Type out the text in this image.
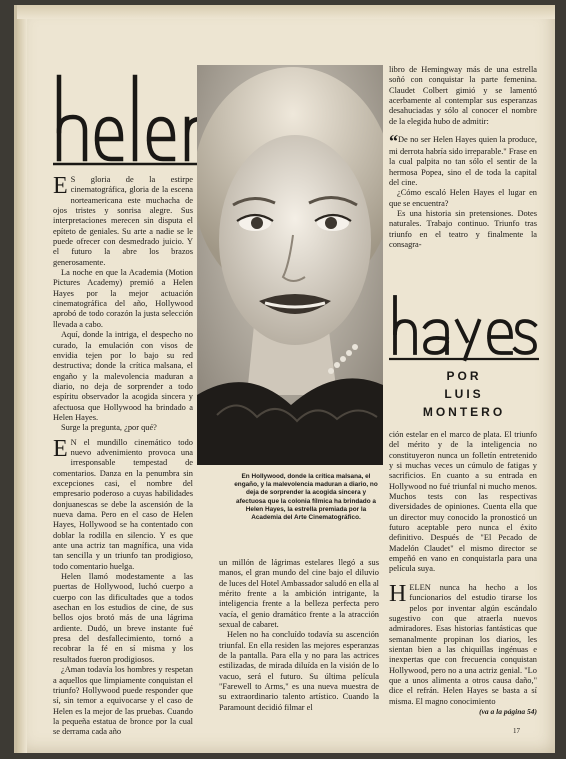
E S gloria de la estirpe cinematográfica, gloria de la escena norteamericana este muchacha de ojos tristes y sonrisa alegre. Sus interpretaciones merecen sin disputa el epíteto de geniales. Su arte a nadie se le puede ofrecer con desmedrado juicio. Y el futuro la abre los brazos generosamente.

La noche en que la Academia (Motion Pictures Academy) premió a Helen Hayes por la mejor actuación cinematográfica del año, Hollywood aprobó de todo corazón la justa selección llevada a cabo.

Aquí, donde la intriga, el despecho no curado, la emulación con visos de envidia tejen por lo bajo su red destructiva; donde la crítica malsana, el engaño y la malevolencia maduran a diario, no deja de sorprender a todo espíritu observador la acogida sincera y afectuosa que Hollywood ha brindado a Helen Hayes.

Surge la pregunta, ¿por qué?

E N el mundillo cinemático todo nuevo advenimiento provoca una irresponsable tempestad de comentarios. Danza en la penumbra sin excepciones casi, el nombre del empresario poderoso a cuyas habilidades donjuanescas se debe la ascensión de la nueva dama. Pero en el caso de Helen Hayes, Hollywood se ha contentado con doblar la rodilla en silencio. Y es que ante una actriz tan magnífica, una vida tan sencilla y un triunfo tan prodigioso, todo comentario huelga.

Helen llamó modestamente a las puertas de Hollywood, luchó cuerpo a cuerpo con las dificultades que a todos asechan en los estudios de cine, de sus bellos ojos brotó más de una lágrima ardiente. Dudó, un breve instante fué presa del desfallecimiento, tornó a recobrar la fé en sí misma y los resultados fueron prodigiosos.

¿Aman todavía los hombres y respetan a aquellos que limpiamente conquistan el triunfo? Hollywood puede responder que sí, sin temor a equivocarse y el caso de Helen es la mejor de las pruebas. Cuando la pequeña estatua de bronce por la cual se derrama cada año

En Hollywood, donde la crítica malsana, el engaño, y la malevolencia maduran a diario, no deja de sorprender la acogida sincera y afectuosa que la colonia fílmica ha brindado a Helen Hayes, la estrella premiada por la Academia del Arte Cinematográfico.

un millón de lágrimas estelares llegó a sus manos, el gran mundo del cine bajo el diluvio de luces del Hotel Ambassador saludó en ella al mérito frente a la ambición intrigante, la inteligencia frente a la belleza perfecta pero vacía, el genio dramático frente a la atracción sexual de cabaret.

Helen no ha concluído todavía su ascención triunfal. En ella residen las mejores esperanzas de la pantalla. Para ella y no para las actrices estilizadas, de mirada diluída en la visión de lo vacuo, será el futuro. Su última película "Farewell to Arms," es una nueva muestra de su extraordinario talento artístico. Cuando la Paramount decidió filmar el

libro de Hemingway más de una estrella soñó con conquistar la parte femenina. Claudet Colbert gimió y se lamentó acerbamente al contemplar sus esperanzas desahuciadas y sólo al conocer el nombre de la elegida hubo de admitir:

“De no ser Helen Hayes quien la produce, mi derrota habría sido irreparable." Frase en la cual palpita no tan sólo el sentir de la hermosa Popea, sino el de toda la capital del cine.

¿Cómo escaló Helen Hayes el lugar en que se encuentra?

Es una historia sin pretensiones. Dotes naturales. Trabajo continuo. Triunfo tras triunfo en el teatro y finalmente la consagra-

POR
LUIS
MONTERO

ción estelar en el marco de plata. El triunfo del mérito y de la inteligencia no constituyeron nunca un folletín entretenido y si muchas veces un cúmulo de fatigas y sacrificios. En cuanto a su entrada en Hollywood no fué triunfal ni mucho menos. Muchos tests con las respectivas diversidades de opiniones. Cuenta ella que un director muy conocido la pronosticó un futuro aceptable pero nunca el éxito definitivo. Después de "El Pecado de Madelón Claudet" el mismo director se empeñó en vano en conquistarla para una película suya.

HELEN nunca ha hecho a los funcionarios del estudio tirarse los pelos por inventar algún escándalo sugestivo con que atraerla nuevos admiradores. Esas historias fantásticas que semanalmente propinan los diarios, les sientan bien a las chiquillas ingénuas e inexpertas que con frecuencia conquistan Hollywood, pero no a una actriz genial. "Lo que a unos alimenta a otros causa daño," dice el refrán. Helen Hayes se basta a sí misma. El magno conocimiento
(va a la página 54)

17
